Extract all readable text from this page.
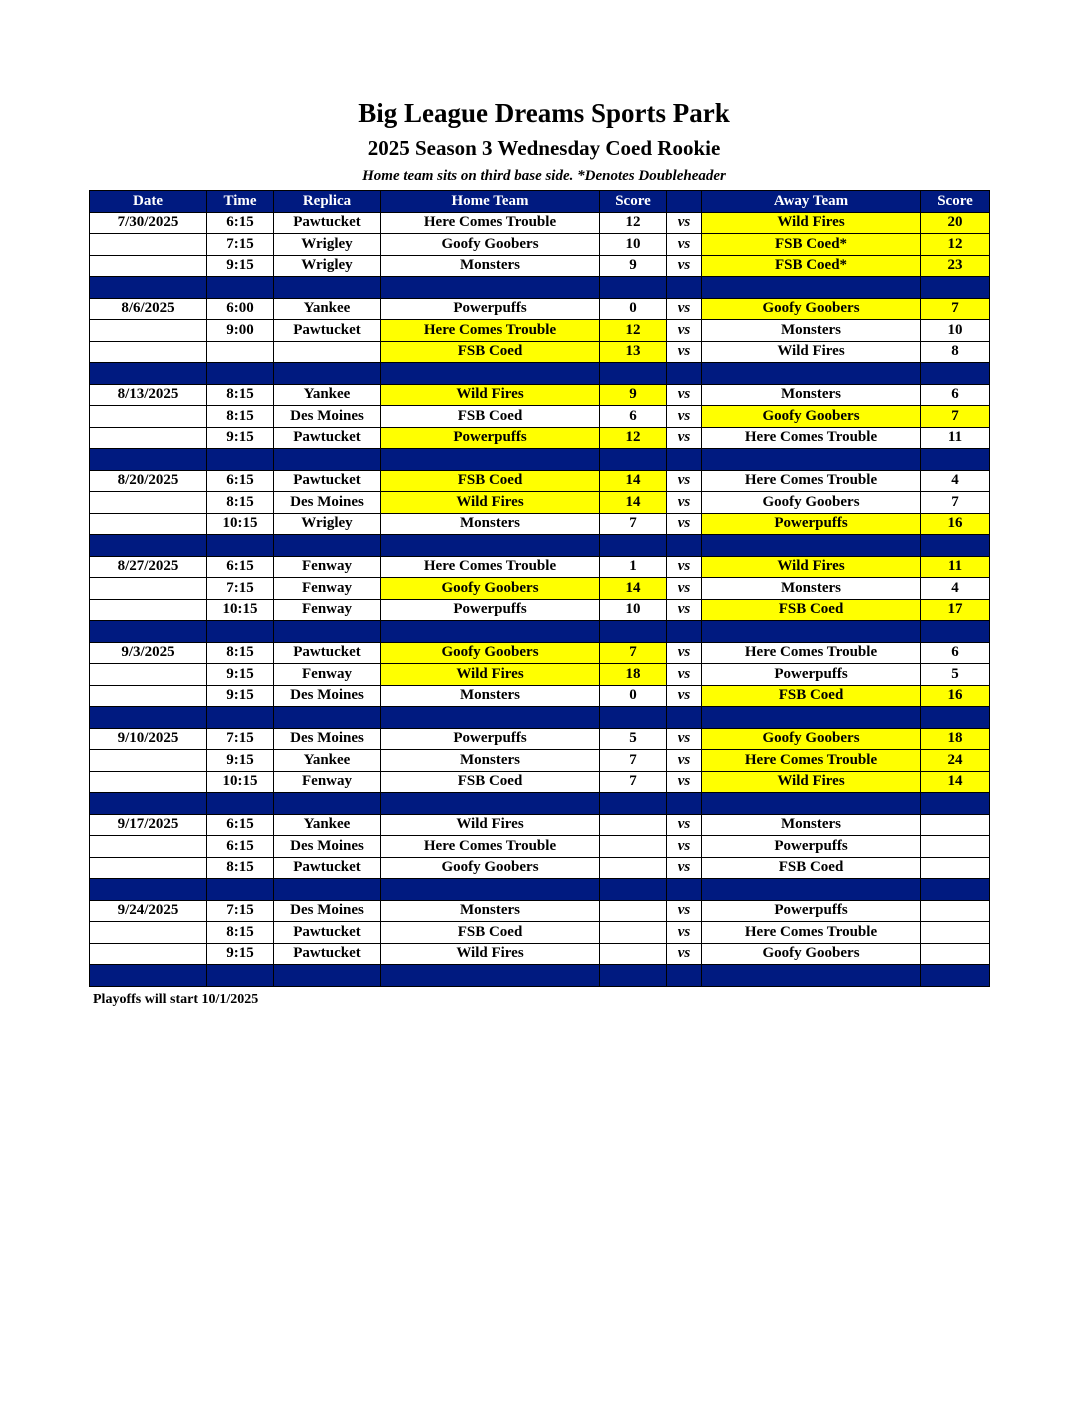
Big League Dreams Sports Park
2025 Season 3 Wednesday Coed Rookie
Home team sits on third base side. *Denotes Doubleheader
Date	Time	Replica	Home Team	Score		Away Team	Score
7/30/2025	6:15	Pawtucket	Here Comes Trouble	12	vs	Wild Fires	20
	7:15	Wrigley	Goofy Goobers	10	vs	FSB Coed*	12
	9:15	Wrigley	Monsters	9	vs	FSB Coed*	23

8/6/2025	6:00	Yankee	Powerpuffs	0	vs	Goofy Goobers	7
	9:00	Pawtucket	Here Comes Trouble	12	vs	Monsters	10
			FSB Coed	13	vs	Wild Fires	8

8/13/2025	8:15	Yankee	Wild Fires	9	vs	Monsters	6
	8:15	Des Moines	FSB Coed	6	vs	Goofy Goobers	7
	9:15	Pawtucket	Powerpuffs	12	vs	Here Comes Trouble	11

8/20/2025	6:15	Pawtucket	FSB Coed	14	vs	Here Comes Trouble	4
	8:15	Des Moines	Wild Fires	14	vs	Goofy Goobers	7
	10:15	Wrigley	Monsters	7	vs	Powerpuffs	16

8/27/2025	6:15	Fenway	Here Comes Trouble	1	vs	Wild Fires	11
	7:15	Fenway	Goofy Goobers	14	vs	Monsters	4
	10:15	Fenway	Powerpuffs	10	vs	FSB Coed	17

9/3/2025	8:15	Pawtucket	Goofy Goobers	7	vs	Here Comes Trouble	6
	9:15	Fenway	Wild Fires	18	vs	Powerpuffs	5
	9:15	Des Moines	Monsters	0	vs	FSB Coed	16

9/10/2025	7:15	Des Moines	Powerpuffs	5	vs	Goofy Goobers	18
	9:15	Yankee	Monsters	7	vs	Here Comes Trouble	24
	10:15	Fenway	FSB Coed	7	vs	Wild Fires	14

9/17/2025	6:15	Yankee	Wild Fires		vs	Monsters	
	6:15	Des Moines	Here Comes Trouble		vs	Powerpuffs	
	8:15	Pawtucket	Goofy Goobers		vs	FSB Coed	

9/24/2025	7:15	Des Moines	Monsters		vs	Powerpuffs	
	8:15	Pawtucket	FSB Coed		vs	Here Comes Trouble	
	9:15	Pawtucket	Wild Fires		vs	Goofy Goobers	

Playoffs will start 10/1/2025
